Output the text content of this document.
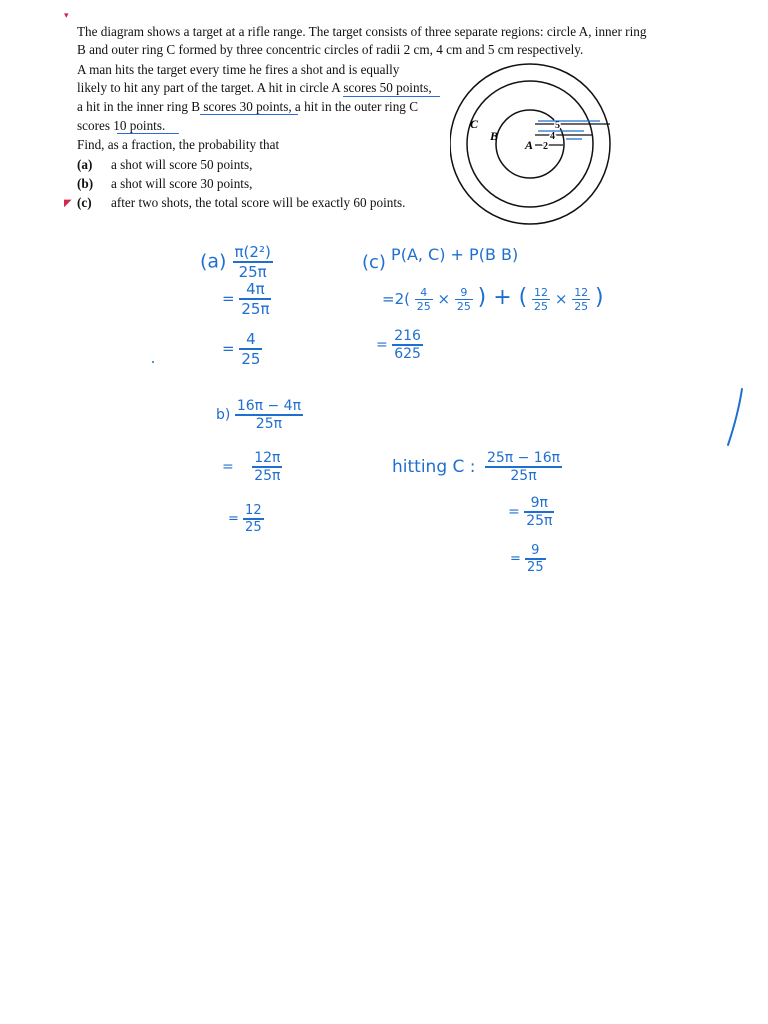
▾
◤
The diagram shows a target at a rifle range. The target consists of three separate regions: circle A, inner ring
B and outer ring C formed by three concentric circles of radii 2 cm, 4 cm and 5 cm respectively.
A man hits the target every time he fires a shot and is equally
likely to hit any part of the target. A hit in circle A scores 50 points,
a hit in the inner ring B scores 30 points, a hit in the outer ring C
scores 10 points.
Find, as a fraction, the probability that
(a) a shot will score 50 points,
(b) a shot will score 30 points,
(c) after two shots, the total score will be exactly 60 points.
C
B
A 2
4
5
$(a) \frac{\text{π(2²)}}{25\pi}$
= $\frac{4\pi}{25\pi}$
= $\frac{4}{25}$
(c) P(A, C) + P(B B)
$=2( \frac{4}{25} \times \frac{9}{25}$ ) + ( $\frac{12}{25} \times \frac{12}{25}$ )
= $\frac{216}{625}$
$b) \frac{16\pi - 4\pi}{25\pi}$
= $\frac{12\pi}{25\pi}$
= $\frac{12}{25}$
hitting C : $\frac{25\pi - 16\pi}{25\pi}$
= $\frac{9\pi}{25\pi}$
= $\frac{9}{25}$
